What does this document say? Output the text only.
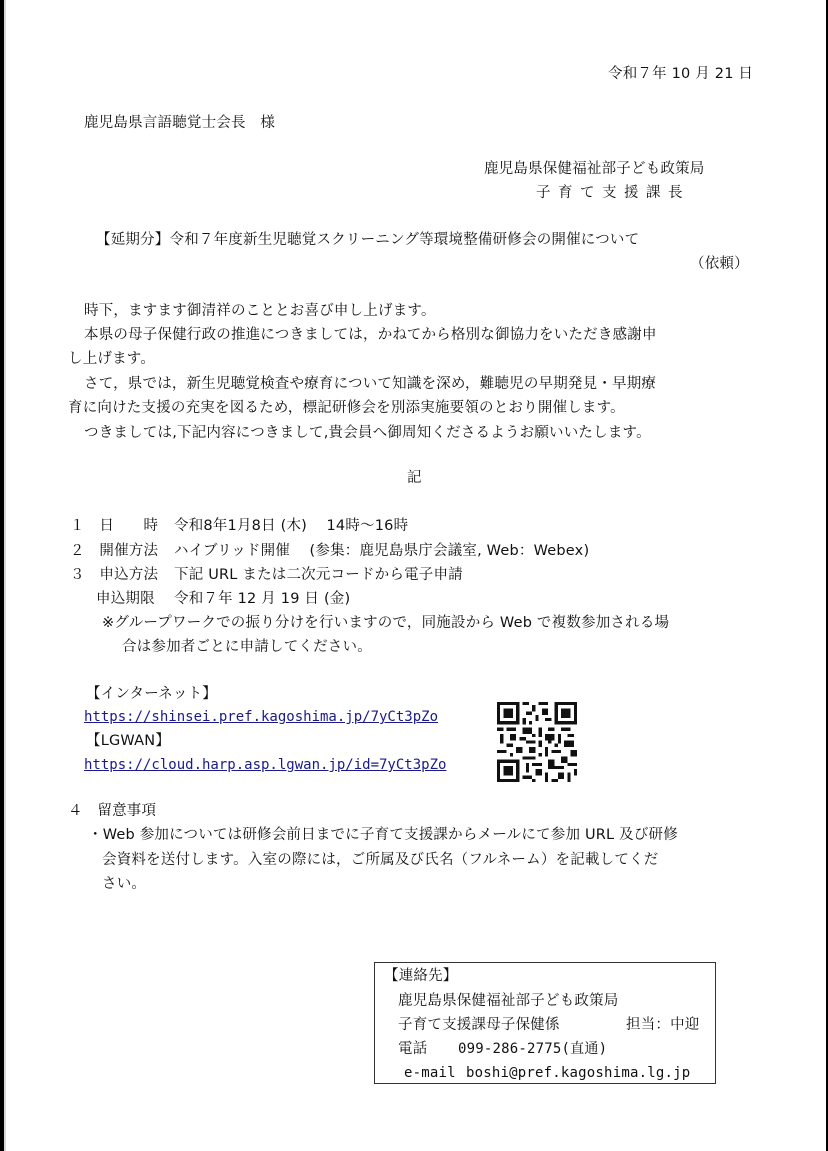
令和７年 10 月 21 日
鹿児島県言語聴覚士会長　様
鹿児島県保健福祉部子ども政策局
子育て支援課長
【延期分】令和７年度新生児聴覚スクリーニング等環境整備研修会の開催について
（依頼）
時下，ますます御清祥のこととお喜び申し上げます。
本県の母子保健行政の推進につきましては，かねてから格別な御協力をいただき感謝申
し上げます。
さて，県では，新生児聴覚検査や療育について知識を深め，難聴児の早期発見・早期療
育に向けた支援の充実を図るため，標記研修会を別添実施要領のとおり開催します。
つきましては,下記内容につきまして,貴会員へ御周知くださるようお願いいたします。
記
１　日　　時 令和8年1月8日 (木)　 14時～16時
２　開催方法 ハイブリッド開催　 (参集：鹿児島県庁会議室, Web：Webex)
３　申込方法 下記 URL または二次元コードから電子申請
申込期限 令和７年 12 月 19 日 (金)
※グループワークでの振り分けを行いますので，同施設から Web で複数参加される場
合は参加者ごとに申請してください。
【インターネット】
https://shinsei.pref.kagoshima.jp/7yCt3pZo
【LGWAN】
https://cloud.harp.asp.lgwan.jp/id=7yCt3pZo
４　留意事項
・Web 参加については研修会前日までに子育て支援課からメールにて参加 URL 及び研修
会資料を送付します。入室の際には，ご所属及び氏名（フルネーム）を記載してくだ
さい。
【連絡先】
鹿児島県保健福祉部子ども政策局
子育て支援課母子保健係	担当：中迎
電話 099-286-2775(直通)
e-mail boshi@pref.kagoshima.lg.jp
